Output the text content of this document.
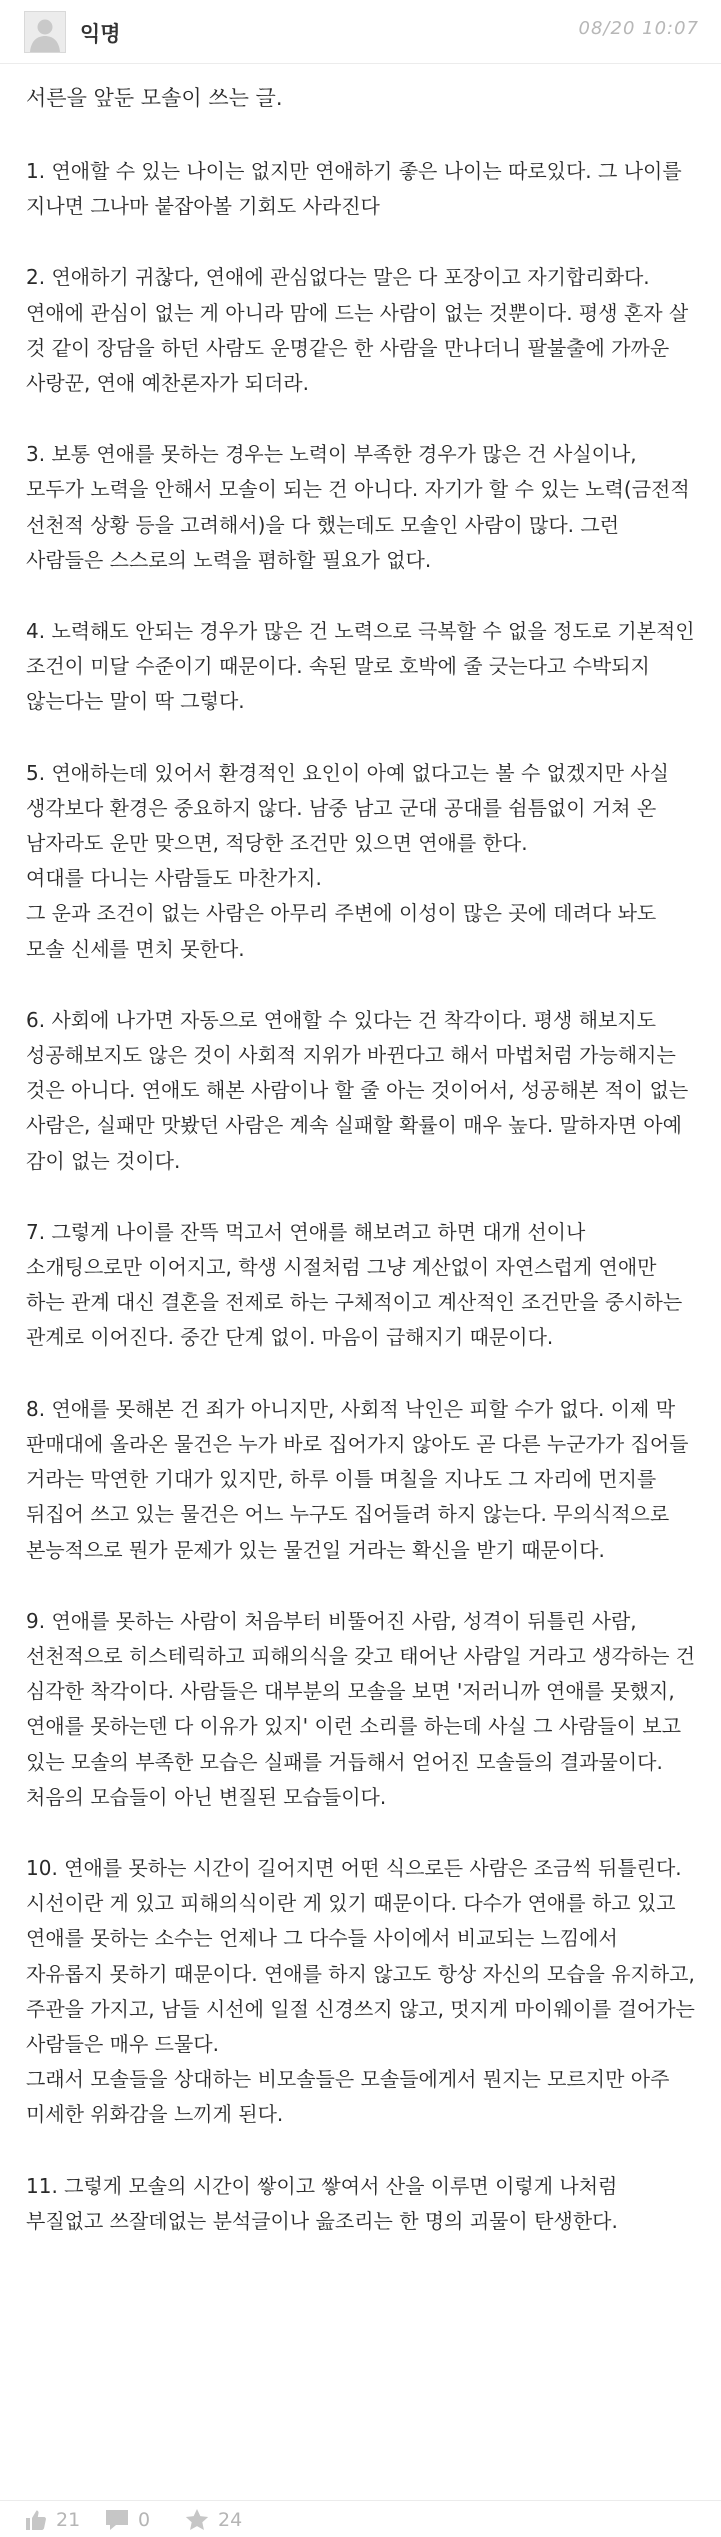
익명	08/20 10:07
서른을 앞둔 모솔이 쓰는 글.
1. 연애할 수 있는 나이는 없지만 연애하기 좋은 나이는 따로있다. 그 나이를 지나면 그나마 붙잡아볼 기회도 사라진다
2. 연애하기 귀찮다, 연애에 관심없다는 말은 다 포장이고 자기합리화다. 연애에 관심이 없는 게 아니라 맘에 드는 사람이 없는 것뿐이다. 평생 혼자 살 것 같이 장담을 하던 사람도 운명같은 한 사람을 만나더니 팔불출에 가까운 사랑꾼, 연애 예찬론자가 되더라.
3. 보통 연애를 못하는 경우는 노력이 부족한 경우가 많은 건 사실이나, 모두가 노력을 안해서 모솔이 되는 건 아니다. 자기가 할 수 있는 노력(금전적 선천적 상황 등을 고려해서)을 다 했는데도 모솔인 사람이 많다. 그런 사람들은 스스로의 노력을 폄하할 필요가 없다.
4. 노력해도 안되는 경우가 많은 건 노력으로 극복할 수 없을 정도로 기본적인 조건이 미달 수준이기 때문이다. 속된 말로 호박에 줄 긋는다고 수박되지 않는다는 말이 딱 그렇다.
5. 연애하는데 있어서 환경적인 요인이 아예 없다고는 볼 수 없겠지만 사실 생각보다 환경은 중요하지 않다. 남중 남고 군대 공대를 쉼틈없이 거쳐 온 남자라도 운만 맞으면, 적당한 조건만 있으면 연애를 한다.
여대를 다니는 사람들도 마찬가지.
그 운과 조건이 없는 사람은 아무리 주변에 이성이 많은 곳에 데려다 놔도 모솔 신세를 면치 못한다.
6. 사회에 나가면 자동으로 연애할 수 있다는 건 착각이다. 평생 해보지도 성공해보지도 않은 것이 사회적 지위가 바뀐다고 해서 마법처럼 가능해지는 것은 아니다. 연애도 해본 사람이나 할 줄 아는 것이어서, 성공해본 적이 없는 사람은, 실패만 맛봤던 사람은 계속 실패할 확률이 매우 높다. 말하자면 아예 감이 없는 것이다.
7. 그렇게 나이를 잔뜩 먹고서 연애를 해보려고 하면 대개 선이나 소개팅으로만 이어지고, 학생 시절처럼 그냥 계산없이 자연스럽게 연애만 하는 관계 대신 결혼을 전제로 하는 구체적이고 계산적인 조건만을 중시하는 관계로 이어진다. 중간 단계 없이. 마음이 급해지기 때문이다.
8. 연애를 못해본 건 죄가 아니지만, 사회적 낙인은 피할 수가 없다. 이제 막 판매대에 올라온 물건은 누가 바로 집어가지 않아도 곧 다른 누군가가 집어들 거라는 막연한 기대가 있지만, 하루 이틀 며칠을 지나도 그 자리에 먼지를 뒤집어 쓰고 있는 물건은 어느 누구도 집어들려 하지 않는다. 무의식적으로 본능적으로 뭔가 문제가 있는 물건일 거라는 확신을 받기 때문이다.
9. 연애를 못하는 사람이 처음부터 비뚤어진 사람, 성격이 뒤틀린 사람, 선천적으로 히스테릭하고 피해의식을 갖고 태어난 사람일 거라고 생각하는 건 심각한 착각이다. 사람들은 대부분의 모솔을 보면 '저러니까 연애를 못했지, 연애를 못하는덴 다 이유가 있지' 이런 소리를 하는데 사실 그 사람들이 보고 있는 모솔의 부족한 모습은 실패를 거듭해서 얻어진 모솔들의 결과물이다. 처음의 모습들이 아닌 변질된 모습들이다.
10. 연애를 못하는 시간이 길어지면 어떤 식으로든 사람은 조금씩 뒤틀린다. 시선이란 게 있고 피해의식이란 게 있기 때문이다. 다수가 연애를 하고 있고 연애를 못하는 소수는 언제나 그 다수들 사이에서 비교되는 느낌에서 자유롭지 못하기 때문이다. 연애를 하지 않고도 항상 자신의 모습을 유지하고, 주관을 가지고, 남들 시선에 일절 신경쓰지 않고, 멋지게 마이웨이를 걸어가는 사람들은 매우 드물다.
그래서 모솔들을 상대하는 비모솔들은 모솔들에게서 뭔지는 모르지만 아주 미세한 위화감을 느끼게 된다.
11. 그렇게 모솔의 시간이 쌓이고 쌓여서 산을 이루면 이렇게 나처럼 부질없고 쓰잘데없는 분석글이나 읊조리는 한 명의 괴물이 탄생한다.
21	0	24
